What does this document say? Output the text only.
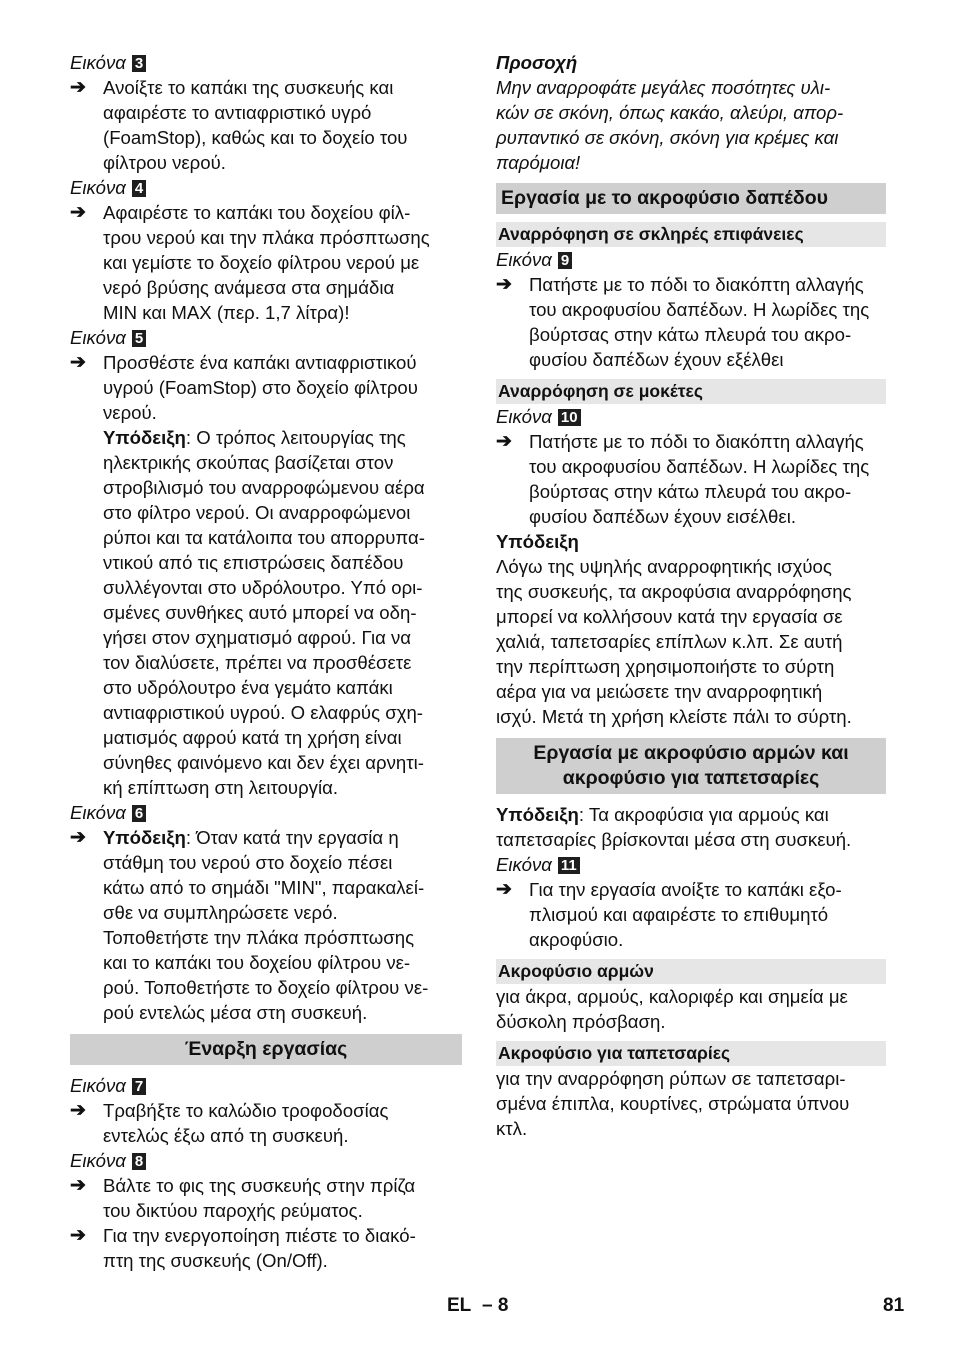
Εικόνα 3
➔ Ανοίξτε το καπάκι της συσκευής και
αφαιρέστε το αντιαφριστικό υγρό
(FoamStop), καθώς και το δοχείο του
φίλτρου νερού.
Εικόνα 4
➔ Αφαιρέστε το καπάκι του δοχείου φίλ-
τρου νερού και την πλάκα πρόσπτωσης
και γεμίστε το δοχείο φίλτρου νερού με
νερό βρύσης ανάμεσα στα σημάδια
MIN και MAX (περ. 1,7 λίτρα)!
Εικόνα 5
➔ Προσθέστε ένα καπάκι αντιαφριστικού
υγρού (FoamStop) στο δοχείο φίλτρου
νερού.
Υπόδειξη: Ο τρόπος λειτουργίας της
ηλεκτρικής σκούπας βασίζεται στον
στροβιλισμό του αναρροφώμενου αέρα
στο φίλτρο νερού. Οι αναρροφώμενοι
ρύποι και τα κατάλοιπα του απορρυπα-
ντικού από τις επιστρώσεις δαπέδου
συλλέγονται στο υδρόλουτρο. Υπό ορι-
σμένες συνθήκες αυτό μπορεί να οδη-
γήσει στον σχηματισμό αφρού. Για να
τον διαλύσετε, πρέπει να προσθέσετε
στο υδρόλουτρο ένα γεμάτο καπάκι
αντιαφριστικού υγρού. Ο ελαφρύς σχη-
ματισμός αφρού κατά τη χρήση είναι
σύνηθες φαινόμενο και δεν έχει αρνητι-
κή επίπτωση στη λειτουργία.
Εικόνα 6
➔ Υπόδειξη: Όταν κατά την εργασία η
στάθμη του νερού στο δοχείο πέσει
κάτω από το σημάδι "MIN", παρακαλεί-
σθε να συμπληρώσετε νερό.
Τοποθετήστε την πλάκα πρόσπτωσης
και το καπάκι του δοχείου φίλτρου νε-
ρού. Τοποθετήστε το δοχείο φίλτρου νε-
ρού εντελώς μέσα στη συσκευή.
Έναρξη εργασίας
Εικόνα 7
➔ Τραβήξτε το καλώδιο τροφοδοσίας
εντελώς έξω από τη συσκευή.
Εικόνα 8
➔ Βάλτε το φις της συσκευής στην πρίζα
του δικτύου παροχής ρεύματος.
➔ Για την ενεργοποίηση πιέστε το διακό-
πτη της συσκευής (On/Off).
Προσοχή
Μην αναρροφάτε μεγάλες ποσότητες υλι-
κών σε σκόνη, όπως κακάο, αλεύρι, απορ-
ρυπαντικό σε σκόνη, σκόνη για κρέμες και
παρόμοια!
Εργασία με το ακροφύσιο δαπέδου
Αναρρόφηση σε σκληρές επιφάνειες
Εικόνα 9
➔ Πατήστε με το πόδι το διακόπτη αλλαγής
του ακροφυσίου δαπέδων. Η λωρίδες της
βούρτσας στην κάτω πλευρά του ακρο-
φυσίου δαπέδων έχουν εξέλθει
Αναρρόφηση σε μοκέτες
Εικόνα 10
➔ Πατήστε με το πόδι το διακόπτη αλλαγής
του ακροφυσίου δαπέδων. Η λωρίδες της
βούρτσας στην κάτω πλευρά του ακρο-
φυσίου δαπέδων έχουν εισέλθει.
Υπόδειξη
Λόγω της υψηλής αναρροφητικής ισχύος
της συσκευής, τα ακροφύσια αναρρόφησης
μπορεί να κολλήσουν κατά την εργασία σε
χαλιά, ταπετσαρίες επίπλων κ.λπ. Σε αυτή
την περίπτωση χρησιμοποιήστε το σύρτη
αέρα για να μειώσετε την αναρροφητική
ισχύ. Μετά τη χρήση κλείστε πάλι το σύρτη.
Εργασία με ακροφύσιο αρμών και
ακροφύσιο για ταπετσαρίες
Υπόδειξη: Τα ακροφύσια για αρμούς και
ταπετσαρίες βρίσκονται μέσα στη συσκευή.
Εικόνα 11
➔ Για την εργασία ανοίξτε το καπάκι εξο-
πλισμού και αφαιρέστε το επιθυμητό
ακροφύσιο.
Ακροφύσιο αρμών
για άκρα, αρμούς, καλοριφέρ και σημεία με
δύσκολη πρόσβαση.
Ακροφύσιο για ταπετσαρίες
για την αναρρόφηση ρύπων σε ταπετσαρι-
σμένα έπιπλα, κουρτίνες, στρώματα ύπνου
κτλ.
EL – 8	81
